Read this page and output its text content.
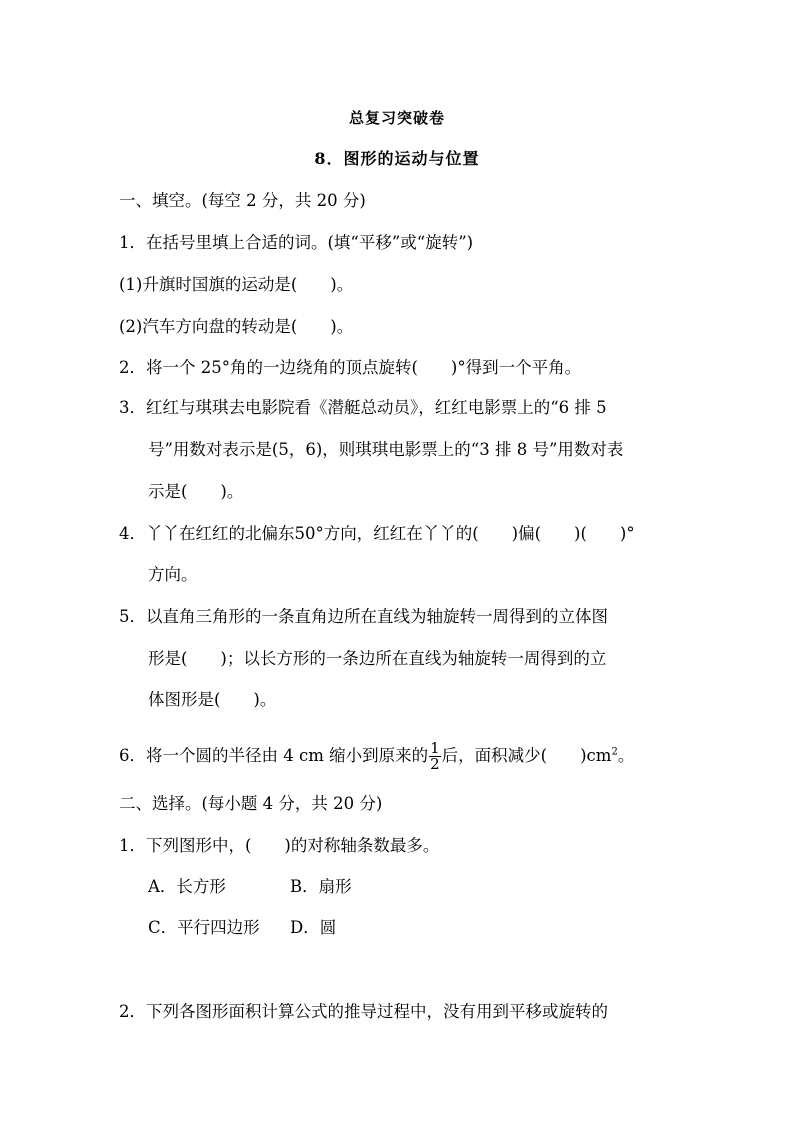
总复习突破卷
8．图形的运动与位置
一、填空。(每空 2 分，共 20 分)
1．在括号里填上合适的词。(填“平移”或“旋转”)
(1)升旗时国旗的运动是(　　)。
(2)汽车方向盘的转动是(　　)。
2．将一个 25°角的一边绕角的顶点旋转(　　)°得到一个平角。
3．红红与琪琪去电影院看《潜艇总动员》，红红电影票上的“6 排 5
号”用数对表示是(5，6)，则琪琪电影票上的“3 排 8 号”用数对表
示是(　　)。
4．丫丫在红红的北偏东50°方向，红红在丫丫的(　　)偏(　　)(　　)°
方向。
5．以直角三角形的一条直角边所在直线为轴旋转一周得到的立体图
形是(　　)；以长方形的一条边所在直线为轴旋转一周得到的立
体图形是(　　)。
6．将一个圆的半径由 4 cm 缩小到原来的 $\frac{1}{2}$ 后，面积减少(　　)$cm^2$。
二、选择。(每小题 4 分，共 20 分)
1．下列图形中，(　　)的对称轴条数最多。
A．长方形	B．扇形
C．平行四边形 D．圆
2．下列各图形面积计算公式的推导过程中，没有用到平移或旋转的
